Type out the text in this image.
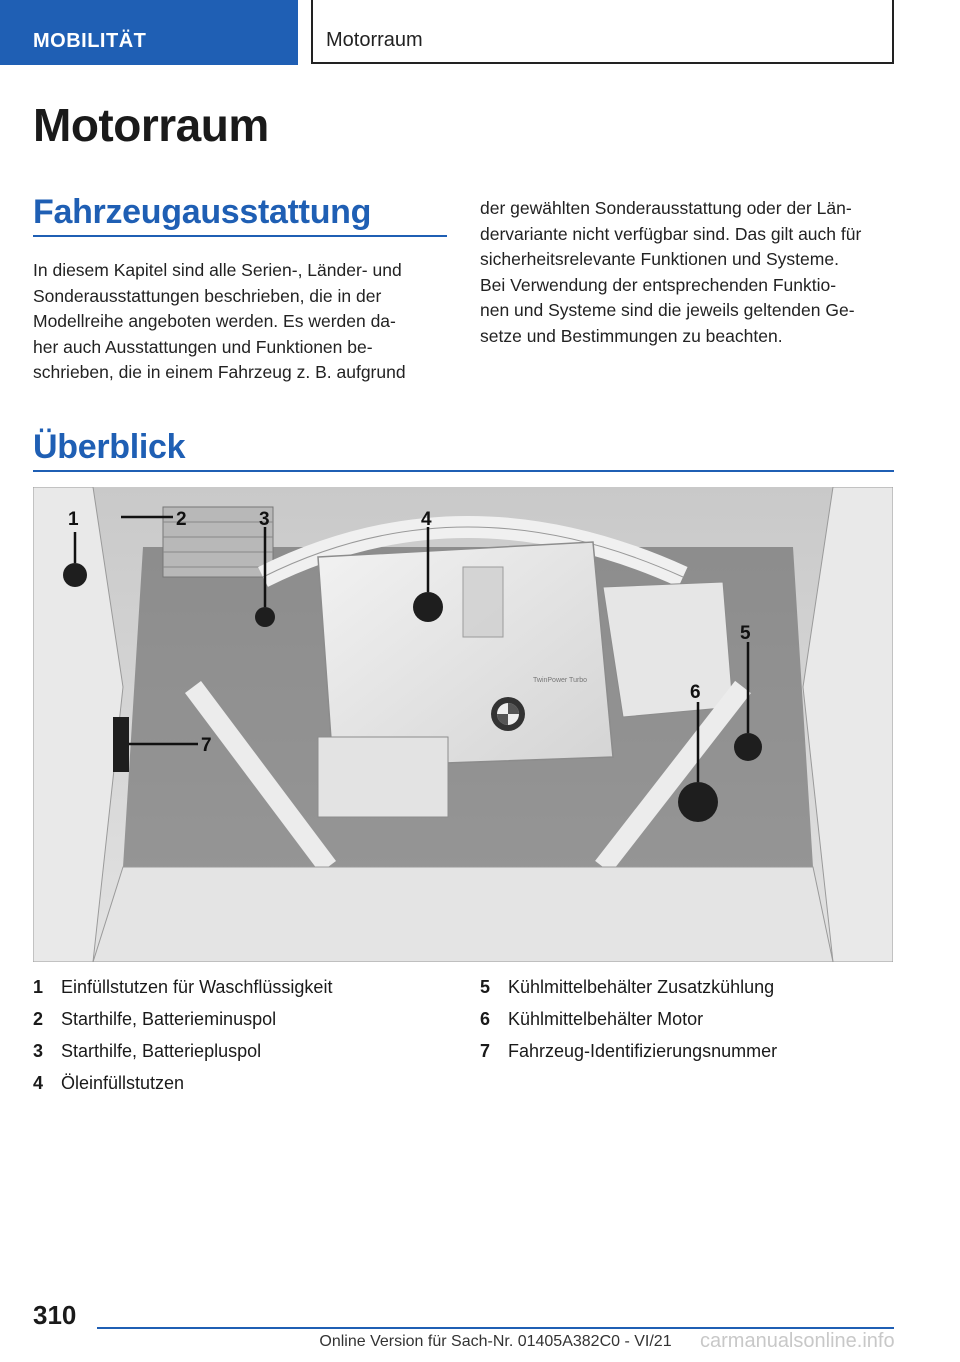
MOBILITÄT	Motorraum
Motorraum
Fahrzeugausstattung
In diesem Kapitel sind alle Serien-, Länder- und
Sonderausstattungen beschrieben, die in der
Modellreihe angeboten werden. Es werden da-
her auch Ausstattungen und Funktionen be-
schrieben, die in einem Fahrzeug z. B. aufgrund
der gewählten Sonderausstattung oder der Län-
dervariante nicht verfügbar sind. Das gilt auch für
sicherheitsrelevante Funktionen und Systeme.
Bei Verwendung der entsprechenden Funktio-
nen und Systeme sind die jeweils geltenden Ge-
setze und Bestimmungen zu beachten.
Überblick
TwinPower Turbo
1	2	3	4
5
6
7
1 Einfüllstutzen für Waschflüssigkeit
2 Starthilfe, Batterieminuspol
3 Starthilfe, Batteriepluspol
4 Öleinfüllstutzen
5 Kühlmittelbehälter Zusatzkühlung
6 Kühlmittelbehälter Motor
7 Fahrzeug-Identifizierungsnummer
310
Online Version für Sach-Nr. 01405A382C0 - VI/21	carmanualsonline.info
